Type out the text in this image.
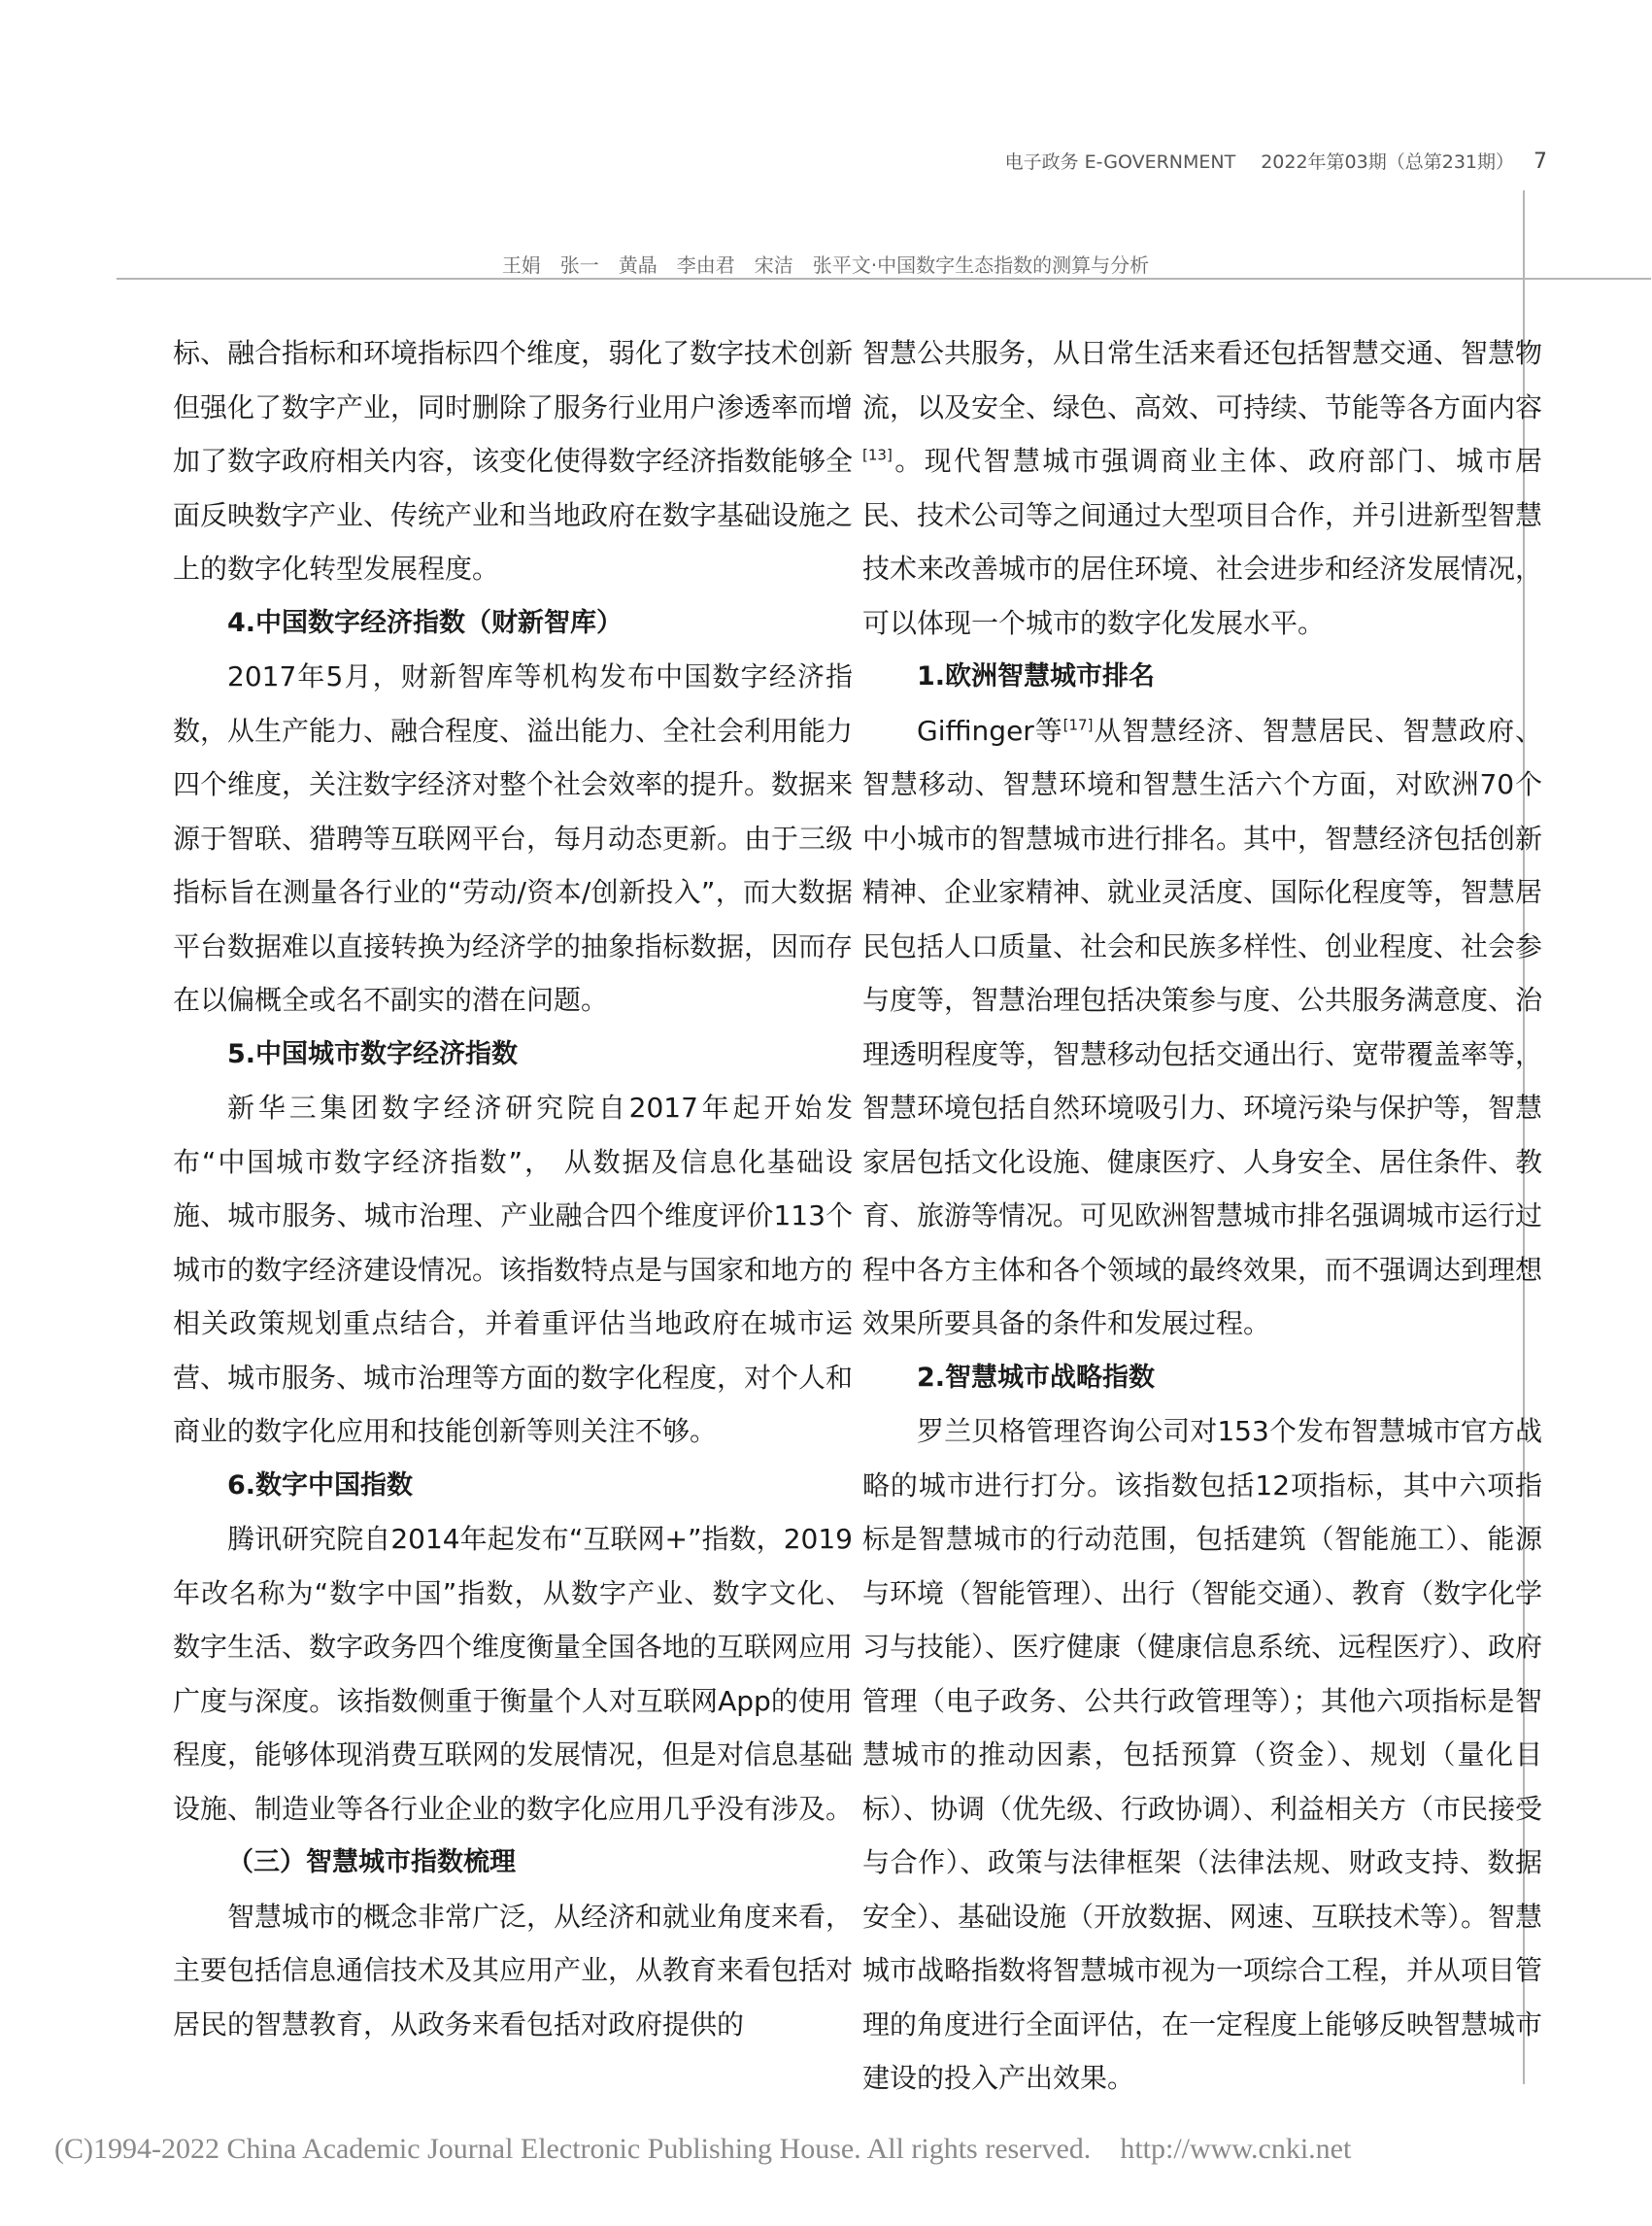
电子政务 E-GOVERNMENT 2022年第03期（总第231期） 7
王娟　张一　黄晶　李由君　宋洁　张平文·中国数字生态指数的测算与分析

标、融合指标和环境指标四个维度，弱化了数字技术创新但强化了数字产业，同时删除了服务行业用户渗透率而增加了数字政府相关内容，该变化使得数字经济指数能够全面反映数字产业、传统产业和当地政府在数字基础设施之上的数字化转型发展程度。

4.中国数字经济指数（财新智库）

2017年5月，财新智库等机构发布中国数字经济指数，从生产能力、融合程度、溢出能力、全社会利用能力四个维度，关注数字经济对整个社会效率的提升。数据来源于智联、猎聘等互联网平台，每月动态更新。由于三级指标旨在测量各行业的“劳动/资本/创新投入”，而大数据平台数据难以直接转换为经济学的抽象指标数据，因而存在以偏概全或名不副实的潜在问题。

5.中国城市数字经济指数

新华三集团数字经济研究院自2017年起开始发布“中国城市数字经济指数”， 从数据及信息化基础设施、城市服务、城市治理、产业融合四个维度评价113个城市的数字经济建设情况。该指数特点是与国家和地方的相关政策规划重点结合，并着重评估当地政府在城市运营、城市服务、城市治理等方面的数字化程度，对个人和商业的数字化应用和技能创新等则关注不够。

6.数字中国指数

腾讯研究院自2014年起发布“互联网+”指数，2019年改名称为“数字中国”指数，从数字产业、数字文化、数字生活、数字政务四个维度衡量全国各地的互联网应用广度与深度。该指数侧重于衡量个人对互联网App的使用程度，能够体现消费互联网的发展情况，但是对信息基础设施、制造业等各行业企业的数字化应用几乎没有涉及。

（三）智慧城市指数梳理

智慧城市的概念非常广泛，从经济和就业角度来看，主要包括信息通信技术及其应用产业，从教育来看包括对居民的智慧教育，从政务来看包括对政府提供的

智慧公共服务，从日常生活来看还包括智慧交通、智慧物流，以及安全、绿色、高效、可持续、节能等各方面内容[13]。现代智慧城市强调商业主体、政府部门、城市居民、技术公司等之间通过大型项目合作，并引进新型智慧技术来改善城市的居住环境、社会进步和经济发展情况，可以体现一个城市的数字化发展水平。

1.欧洲智慧城市排名

Giffinger等[17]从智慧经济、智慧居民、智慧政府、智慧移动、智慧环境和智慧生活六个方面，对欧洲70个中小城市的智慧城市进行排名。其中，智慧经济包括创新精神、企业家精神、就业灵活度、国际化程度等，智慧居民包括人口质量、社会和民族多样性、创业程度、社会参与度等，智慧治理包括决策参与度、公共服务满意度、治理透明程度等，智慧移动包括交通出行、宽带覆盖率等，智慧环境包括自然环境吸引力、环境污染与保护等，智慧家居包括文化设施、健康医疗、人身安全、居住条件、教育、旅游等情况。可见欧洲智慧城市排名强调城市运行过程中各方主体和各个领域的最终效果，而不强调达到理想效果所要具备的条件和发展过程。

2.智慧城市战略指数

罗兰贝格管理咨询公司对153个发布智慧城市官方战略的城市进行打分。该指数包括12项指标，其中六项指标是智慧城市的行动范围，包括建筑（智能施工）、能源与环境（智能管理）、出行（智能交通）、教育（数字化学习与技能）、医疗健康（健康信息系统、远程医疗）、政府管理（电子政务、公共行政管理等）；其他六项指标是智慧城市的推动因素，包括预算（资金）、规划（量化目标）、协调（优先级、行政协调）、利益相关方（市民接受与合作）、政策与法律框架（法律法规、财政支持、数据安全）、基础设施（开放数据、网速、互联技术等）。智慧城市战略指数将智慧城市视为一项综合工程，并从项目管理的角度进行全面评估，在一定程度上能够反映智慧城市建设的投入产出效果。

(C)1994-2022 China Academic Journal Electronic Publishing House. All rights reserved. http://www.cnki.net
